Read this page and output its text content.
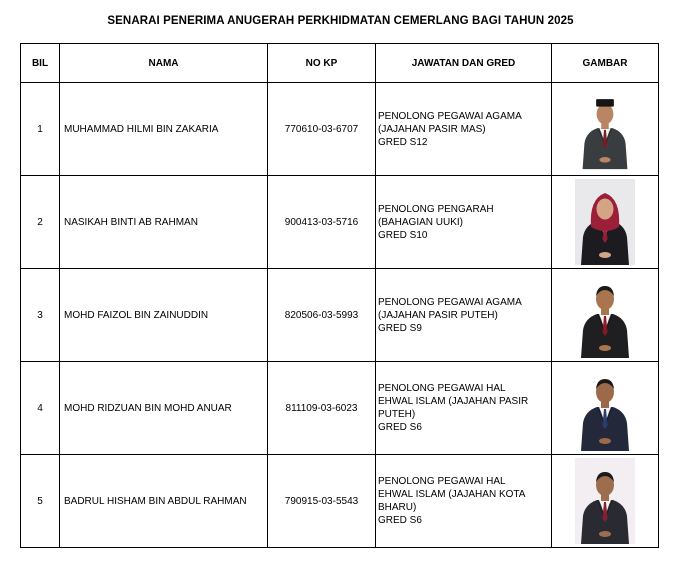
SENARAI PENERIMA ANUGERAH PERKHIDMATAN CEMERLANG BAGI TAHUN 2025
BIL	NAMA	NO KP	JAWATAN DAN GRED	GAMBAR
1	MUHAMMAD HILMI BIN ZAKARIA	770610-03-6707	PENOLONG PEGAWAI AGAMA
(JAJAHAN PASIR MAS)
GRED S12

2	NASIKAH BINTI AB RAHMAN	900413-03-5716	PENOLONG PENGARAH
(BAHAGIAN UUKI)
GRED S10

3	MOHD FAIZOL BIN ZAINUDDIN	820506-03-5993	PENOLONG PEGAWAI AGAMA
(JAJAHAN PASIR PUTEH)
GRED S9

4	MOHD RIDZUAN BIN MOHD ANUAR	811109-03-6023	PENOLONG PEGAWAI HAL
EHWAL ISLAM (JAJAHAN PASIR
PUTEH)
GRED S6

5	BADRUL HISHAM BIN ABDUL RAHMAN	790915-03-5543	PENOLONG PEGAWAI HAL
EHWAL ISLAM (JAJAHAN KOTA
BHARU)
GRED S6
